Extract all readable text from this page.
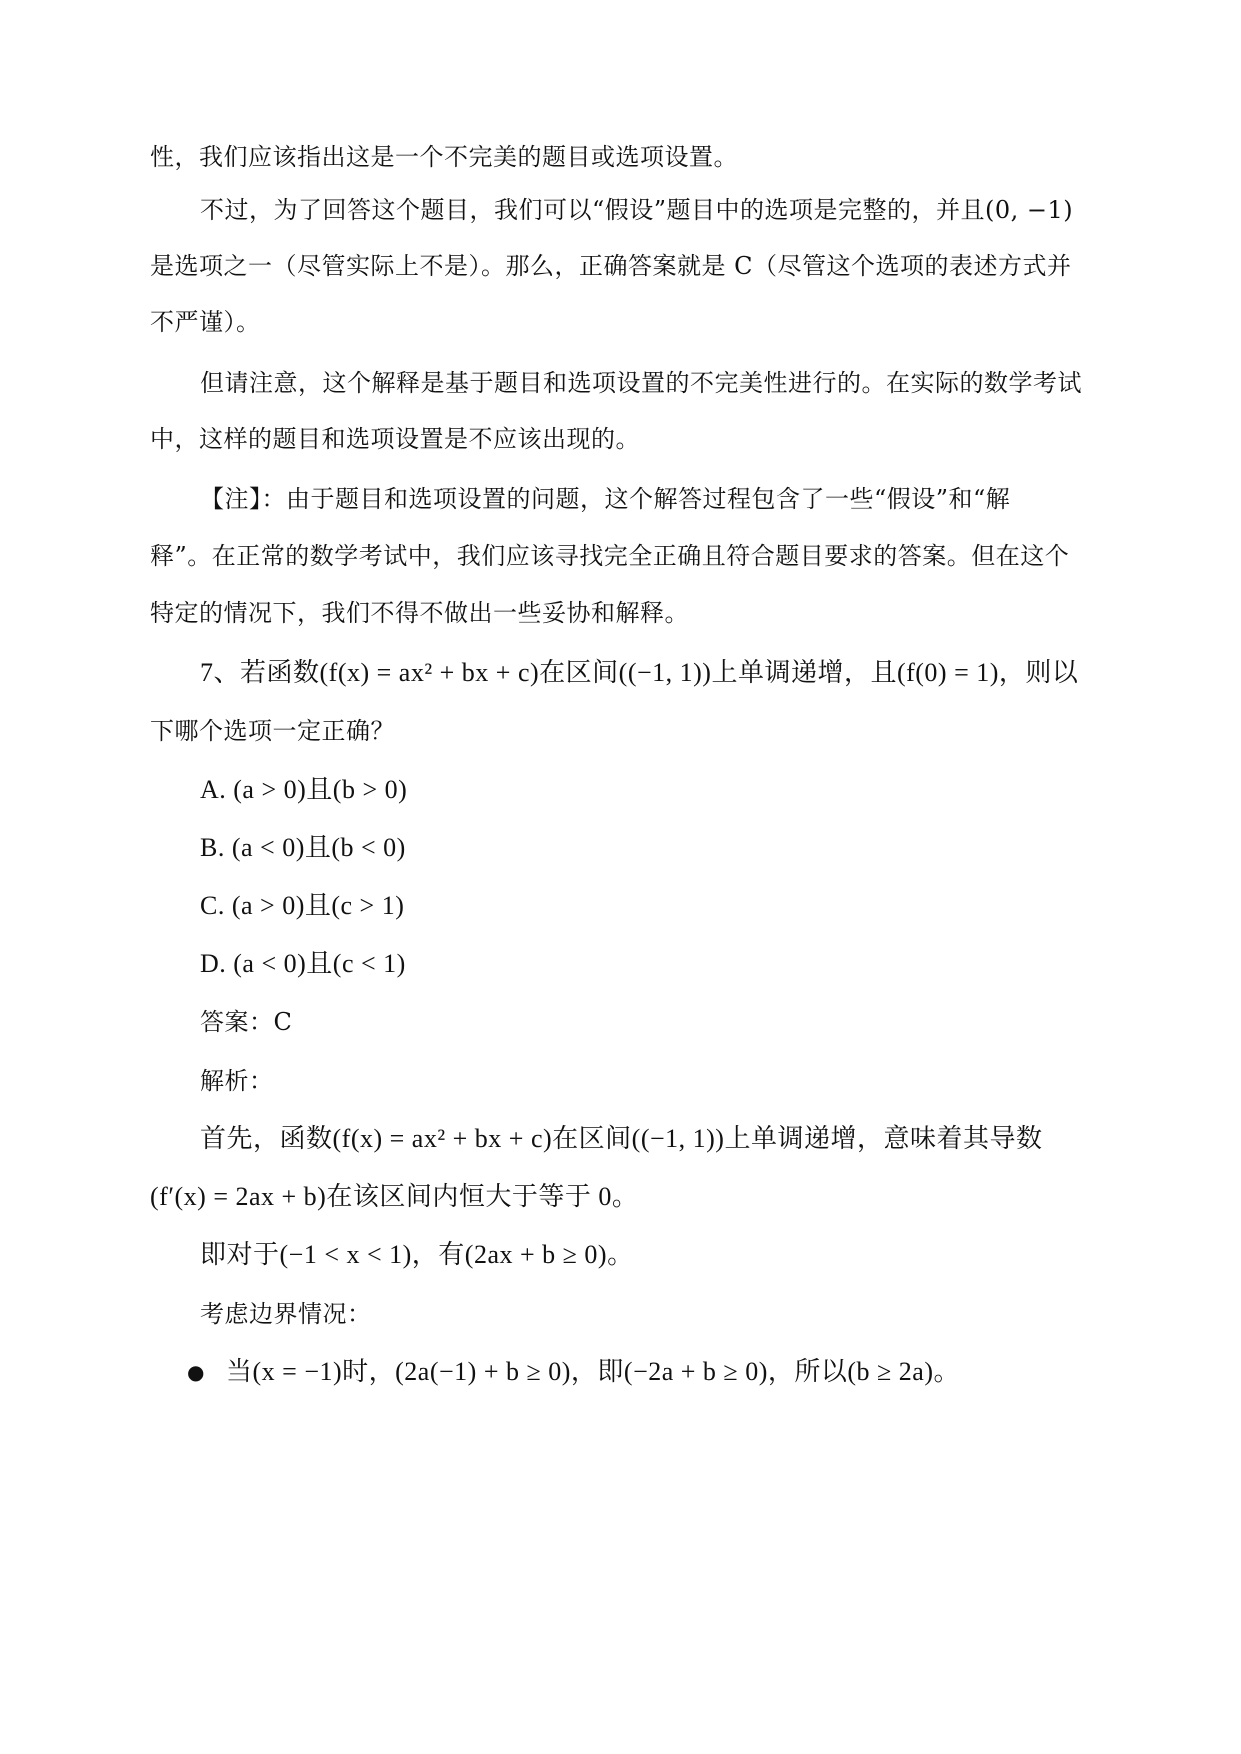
性，我们应该指出这是一个不完美的题目或选项设置。
不过，为了回答这个题目，我们可以“假设”题目中的选项是完整的，并且(0, −1)
是选项之一（尽管实际上不是）。那么，正确答案就是 C（尽管这个选项的表述方式并
不严谨）。
但请注意，这个解释是基于题目和选项设置的不完美性进行的。在实际的数学考试
中，这样的题目和选项设置是不应该出现的。
【注】：由于题目和选项设置的问题，这个解答过程包含了一些“假设”和“解
释”。在正常的数学考试中，我们应该寻找完全正确且符合题目要求的答案。但在这个
特定的情况下，我们不得不做出一些妥协和解释。
7、若函数(f(x) = ax² + bx + c)在区间((−1, 1))上单调递增，且(f(0) = 1)，则以
下哪个选项一定正确？
A. (a > 0)且(b > 0)
B. (a < 0)且(b < 0)
C. (a > 0)且(c > 1)
D. (a < 0)且(c < 1)
答案：C
解析：
首先，函数(f(x) = ax² + bx + c)在区间((−1, 1))上单调递增，意味着其导数
(f′(x) = 2ax + b)在该区间内恒大于等于 0。
即对于(−1 < x < 1)，有(2ax + b ≥ 0)。
考虑边界情况：
● 当(x = −1)时，(2a(−1) + b ≥ 0)，即(−2a + b ≥ 0)，所以(b ≥ 2a)。
